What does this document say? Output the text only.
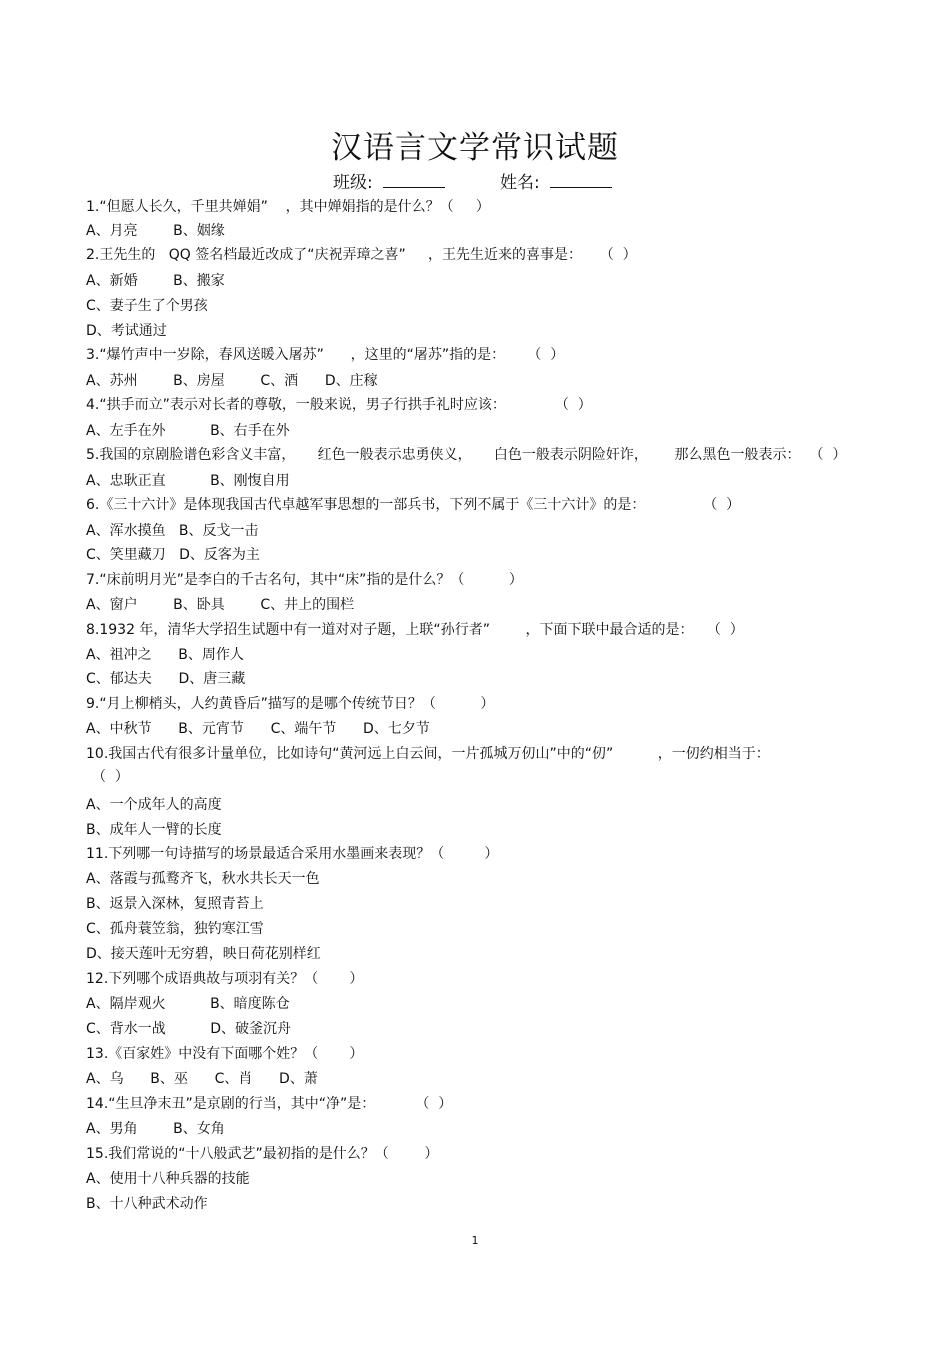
汉语言文学常识试题
班级:	姓名:
1.“但愿人长久，千里共婵娟”    ，其中婵娟指的是什么？（     ）
A、月亮        B、姻缘
2.王先生的   QQ 签名档最近改成了“庆祝弄璋之喜”     ，王先生近来的喜事是：    （  ）
A、新婚        B、搬家
C、妻子生了个男孩
D、考试通过
3.“爆竹声中一岁除，春风送暖入屠苏”      ，这里的“屠苏”指的是：     （  ）
A、苏州        B、房屋        C、酒      D、庄稼
4.“拱手而立”表示对长者的尊敬，一般来说，男子行拱手礼时应该：           （  ）
A、左手在外          B、右手在外
5.我国的京剧脸谱色彩含义丰富，     红色一般表示忠勇侠义，     白色一般表示阴险奸诈，      那么黑色一般表示：  （  ）
A、忠耿正直          B、刚愎自用
6.《三十六计》是体现我国古代卓越军事思想的一部兵书，下列不属于《三十六计》的是：             （  ）
A、浑水摸鱼   B、反戈一击
C、笑里藏刀   D、反客为主
7.“床前明月光”是李白的千古名句，其中“床”指的是什么？（          ）
A、窗户        B、卧具        C、井上的围栏
8.1932 年，清华大学招生试题中有一道对对子题，上联“孙行者”        ，下面下联中最合适的是：   （  ）
A、祖冲之      B、周作人
C、郁达夫      D、唐三藏
9.“月上柳梢头，人约黄昏后”描写的是哪个传统节日？（          ）
A、中秋节      B、元宵节      C、端午节      D、七夕节
10.我国古代有很多计量单位，比如诗句“黄河远上白云间，一片孤城万仞山”中的“仞”          ，一仞约相当于：
（  ）
A、一个成年人的高度
B、成年人一臂的长度
11.下列哪一句诗描写的场景最适合采用水墨画来表现？（         ）
A、落霞与孤鹜齐飞，秋水共长天一色
B、返景入深林，复照青苔上
C、孤舟蓑笠翁，独钓寒江雪
D、接天莲叶无穷碧，映日荷花别样红
12.下列哪个成语典故与项羽有关？（       ）
A、隔岸观火          B、暗度陈仓
C、背水一战          D、破釜沉舟
13.《百家姓》中没有下面哪个姓？（       ）
A、乌      B、巫      C、肖      D、萧
14.“生旦净末丑”是京剧的行当，其中“净”是：         （  ）
A、男角        B、女角
15.我们常说的“十八般武艺”最初指的是什么？（        ）
A、使用十八种兵器的技能
B、十八种武术动作
1
